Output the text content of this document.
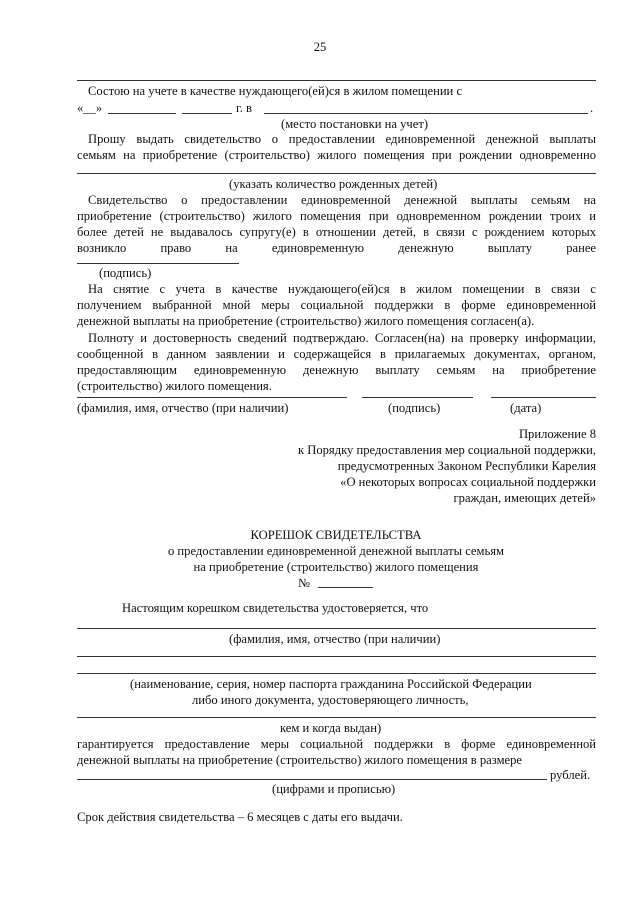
25
Состою на учете в качестве нуждающего(ей)ся в жилом помещении с
«__»	г. в	.
(место постановки на учет)
Прошу выдать свидетельство о предоставлении единовременной денежной выплаты
семьям на приобретение (строительство) жилого помещения при рождении одновременно
(указать количество рожденных детей)
Свидетельство о предоставлении единовременной денежной выплаты семьям на
приобретение (строительство) жилого помещения при одновременном рождении троих и
более детей не выдавалось супругу(е) в отношении детей, в связи с рождением которых
возникло право на единовременную денежную выплату ранее
(подпись)
На снятие с учета в качестве нуждающего(ей)ся в жилом помещении в связи с
получением выбранной мной меры социальной поддержки в форме единовременной
денежной выплаты на приобретение (строительство) жилого помещения согласен(а).
Полноту и достоверность сведений подтверждаю. Согласен(на) на проверку информации,
сообщенной в данном заявлении и содержащейся в прилагаемых документах, органом,
предоставляющим единовременную денежную выплату семьям на приобретение
(строительство) жилого помещения.
(фамилия, имя, отчество (при наличии)	(подпись)	(дата)
Приложение 8
к Порядку предоставления мер социальной поддержки,
предусмотренных Законом Республики Карелия
«О некоторых вопросах социальной поддержки
граждан, имеющих детей»
КОРЕШОК СВИДЕТЕЛЬСТВА
о предоставлении единовременной денежной выплаты семьям
на приобретение (строительство) жилого помещения
№
Настоящим корешком свидетельства удостоверяется, что
(фамилия, имя, отчество (при наличии)
(наименование, серия, номер паспорта гражданина Российской Федерации
либо иного документа, удостоверяющего личность,
кем и когда выдан)
гарантируется предоставление меры социальной поддержки в форме единовременной
денежной выплаты на приобретение (строительство) жилого помещения в размере
рублей.
(цифрами и прописью)
Срок действия свидетельства – 6 месяцев с даты его выдачи.
